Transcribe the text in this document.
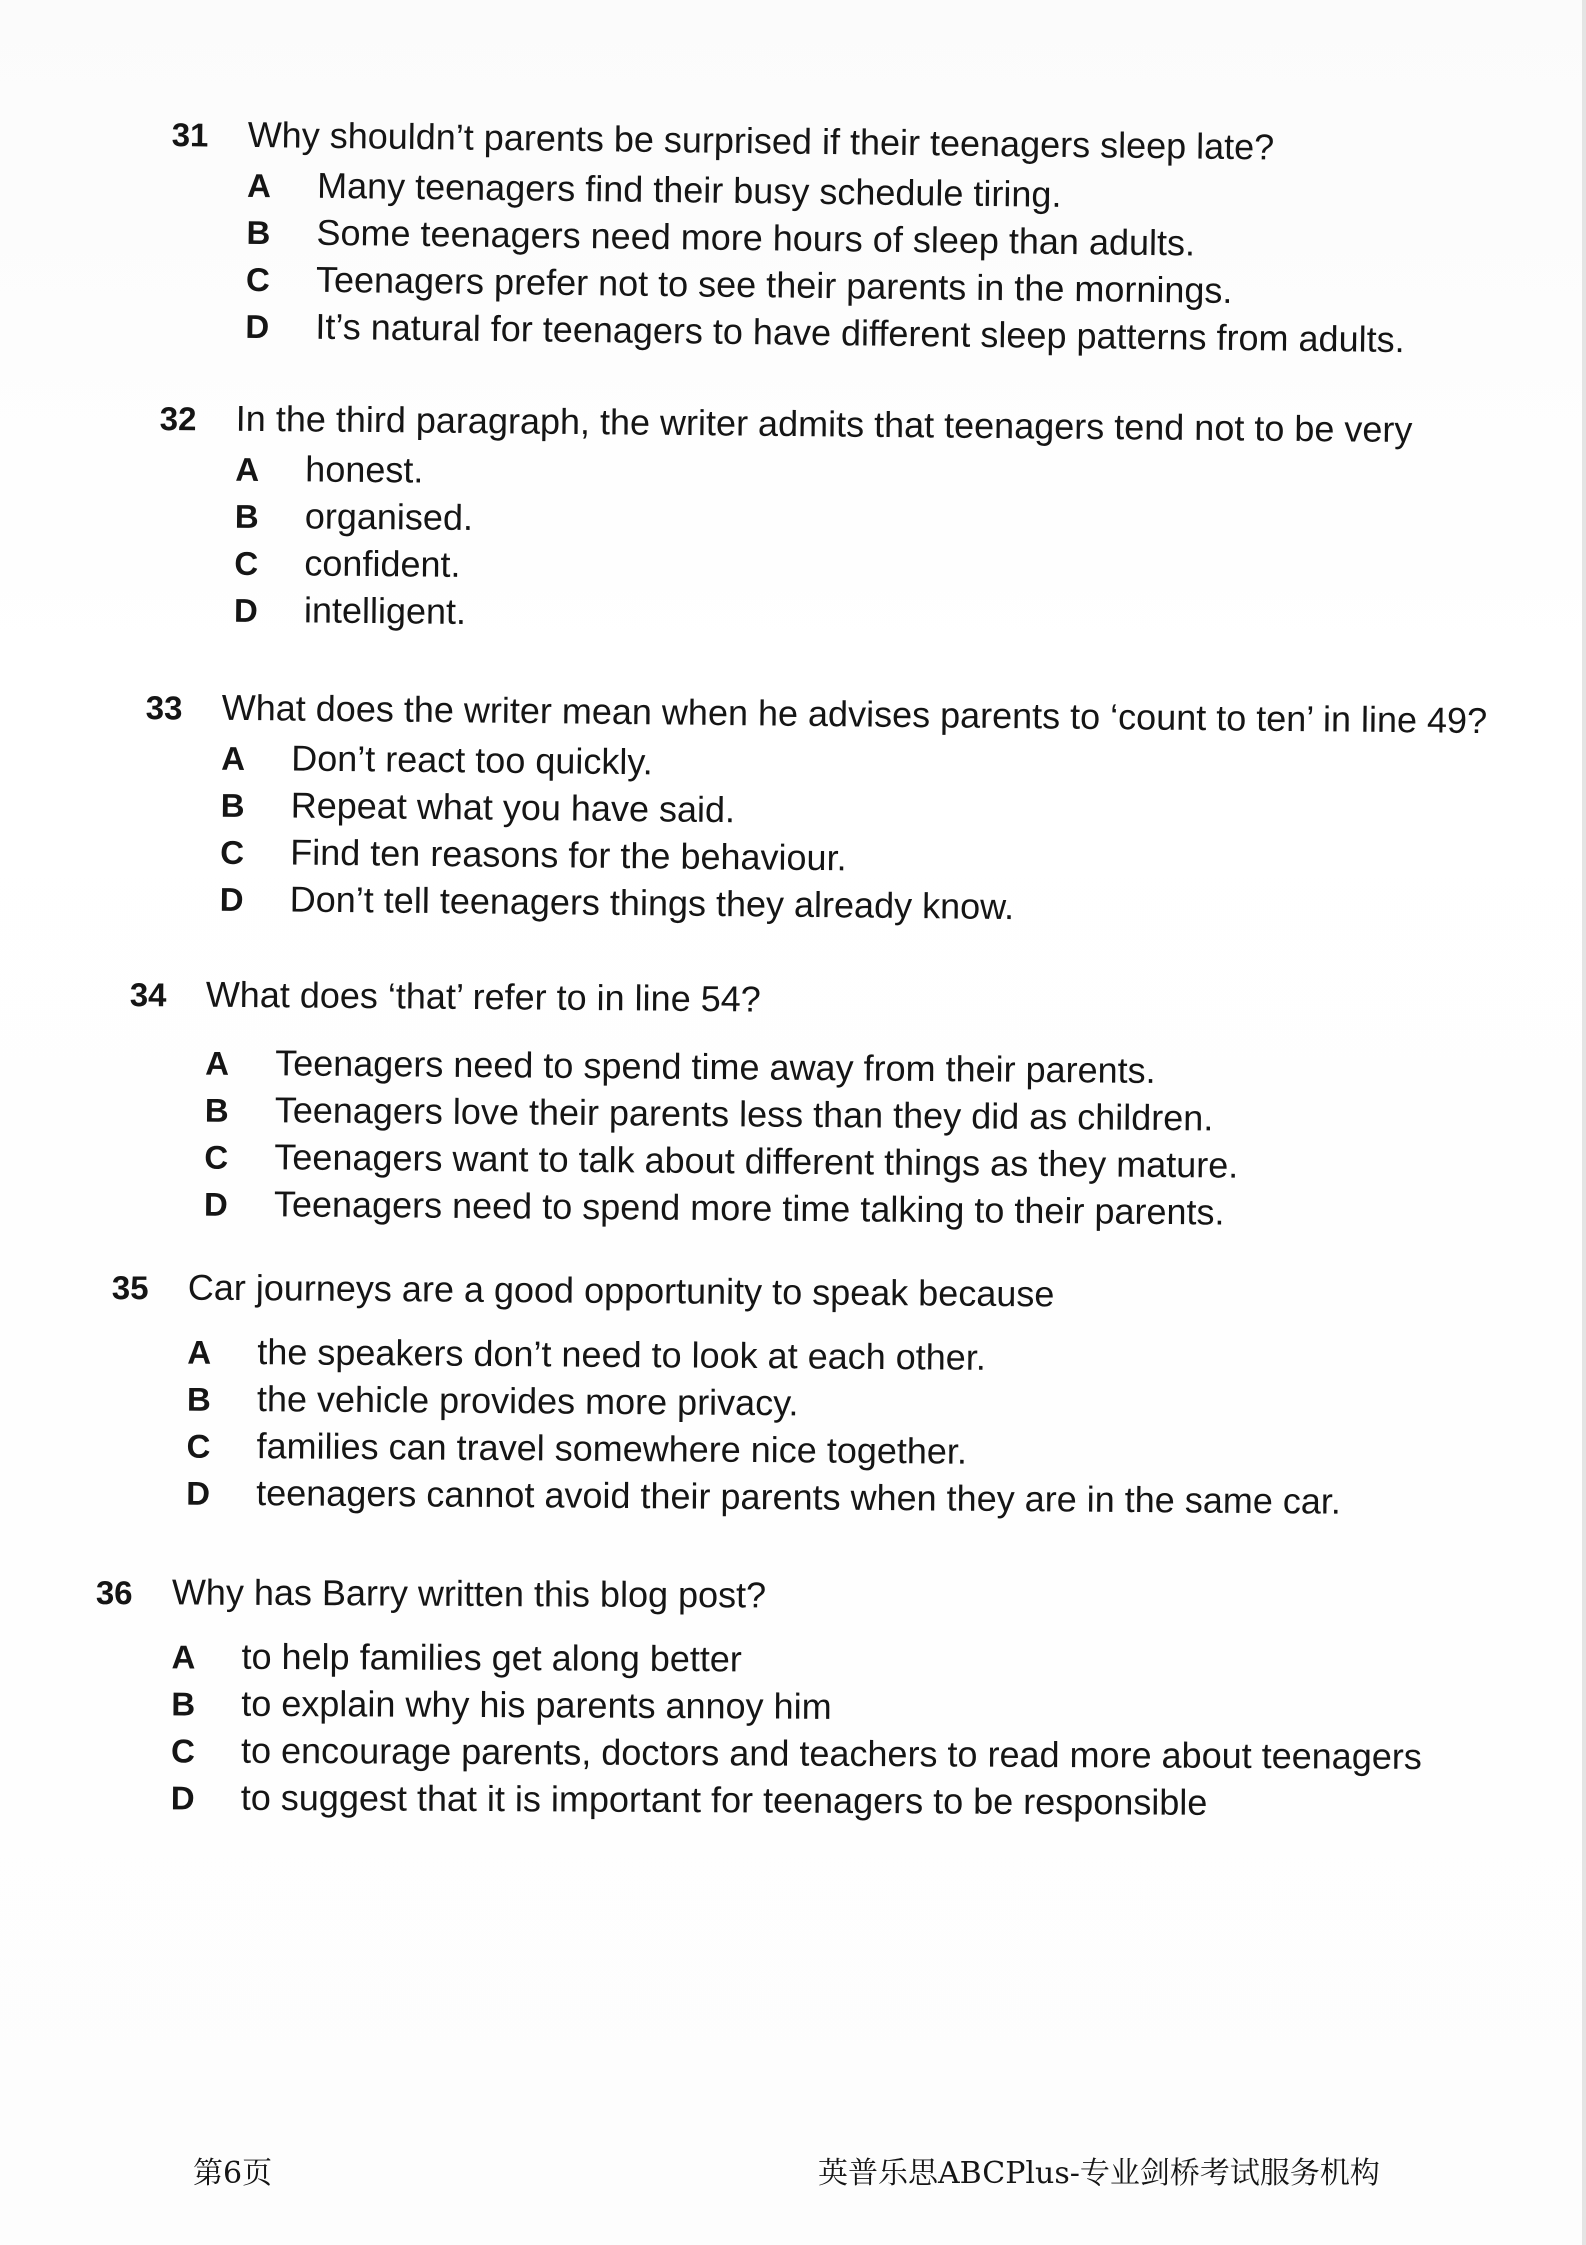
31	Why shouldn’t parents be surprised if their teenagers sleep late?
A	Many teenagers find their busy schedule tiring.
B	Some teenagers need more hours of sleep than adults.
C	Teenagers prefer not to see their parents in the mornings.
D	It’s natural for teenagers to have different sleep patterns from adults.
32	In the third paragraph, the writer admits that teenagers tend not to be very
A	honest.
B	organised.
C	confident.
D	intelligent.
33	What does the writer mean when he advises parents to ‘count to ten’ in line 49?
A	Don’t react too quickly.
B	Repeat what you have said.
C	Find ten reasons for the behaviour.
D	Don’t tell teenagers things they already know.
34	What does ‘that’ refer to in line 54?
A	Teenagers need to spend time away from their parents.
B	Teenagers love their parents less than they did as children.
C	Teenagers want to talk about different things as they mature.
D	Teenagers need to spend more time talking to their parents.
35	Car journeys are a good opportunity to speak because
A	the speakers don’t need to look at each other.
B	the vehicle provides more privacy.
C	families can travel somewhere nice together.
D	teenagers cannot avoid their parents when they are in the same car.
36	Why has Barry written this blog post?
A	to help families get along better
B	to explain why his parents annoy him
C	to encourage parents, doctors and teachers to read more about teenagers
D	to suggest that it is important for teenagers to be responsible
第6页	英普乐思ABCPlus-专业剑桥考试服务机构
